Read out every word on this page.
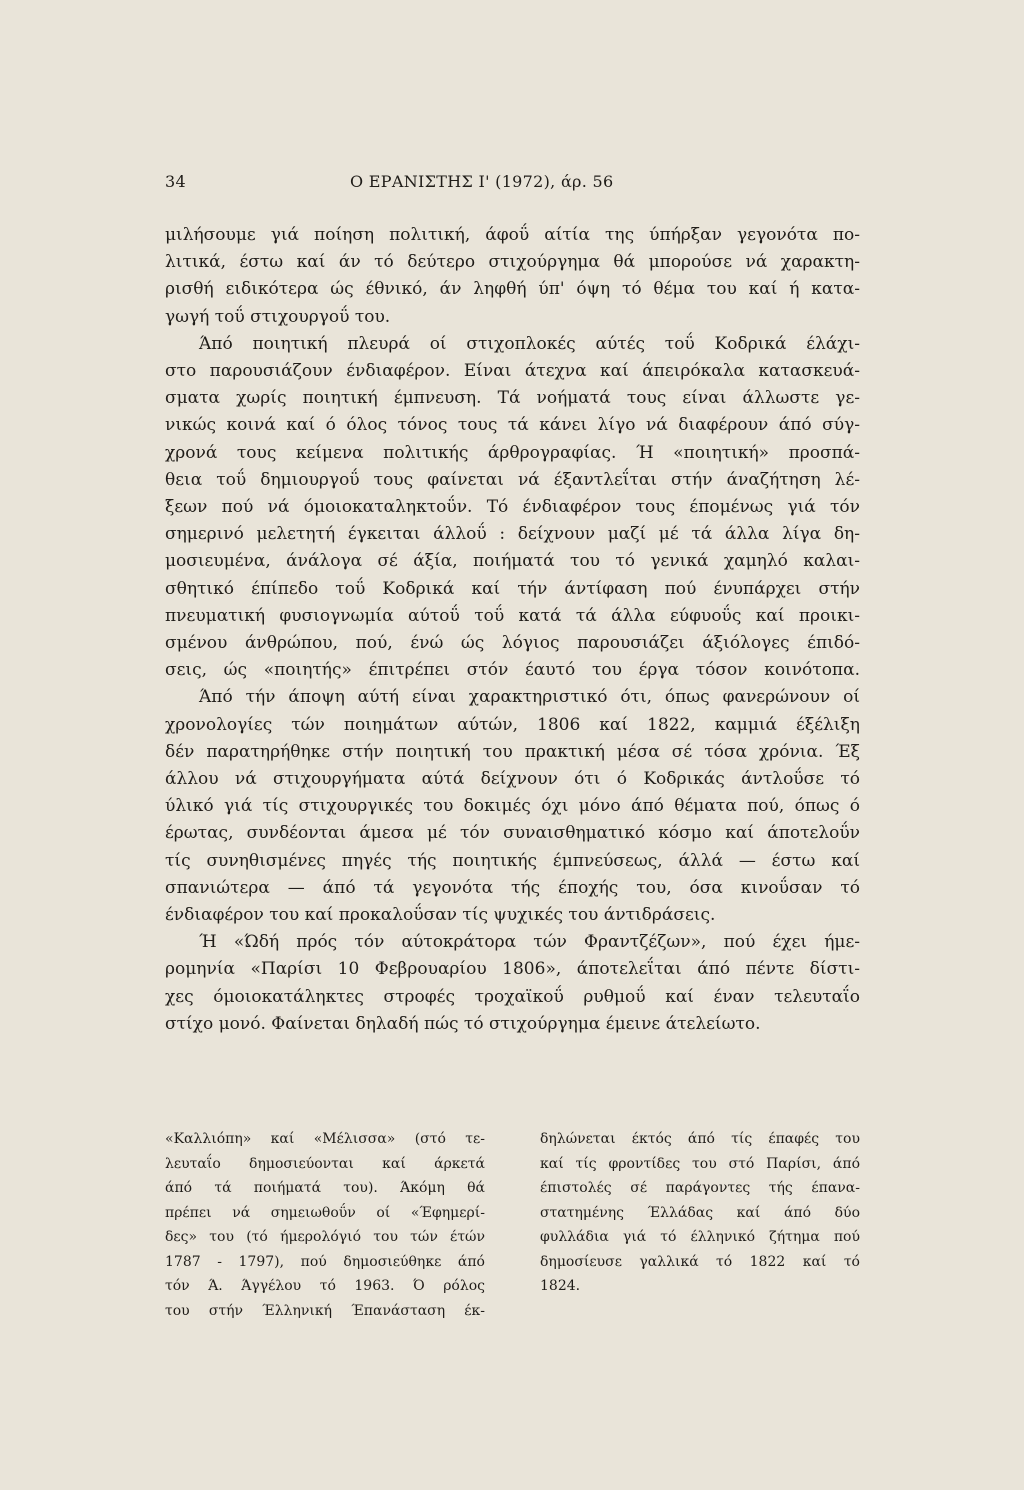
34	Ο ΕΡΑΝΙΣΤΗΣ Ι' (1972), άρ. 56
μιλήσουμε γιά ποίηση πολιτική, άφοΰ αίτία της ύπήρξαν γεγονότα πο-
λιτικά, έστω καί άν τό δεύτερο στιχούργημα θά μπορούσε νά χαρακτη-
ρισθή ειδικότερα ώς έθνικό, άν ληφθή ύπ' όψη τό θέμα του καί ή κατα-
γωγή τοΰ στιχουργοΰ του.
Άπό ποιητική πλευρά οί στιχοπλοκές αύτές τοΰ Κοδρικά έλάχι-
στο παρουσιάζουν ένδιαφέρον. Είναι άτεχνα καί άπειρόκαλα κατασκευά-
σματα χωρίς ποιητική έμπνευση. Τά νοήματά τους είναι άλλωστε γε-
νικώς κοινά καί ό όλος τόνος τους τά κάνει λίγο νά διαφέρουν άπό σύγ-
χρονά τους κείμενα πολιτικής άρθρογραφίας. Ή «ποιητική» προσπά-
θεια τοΰ δημιουργοΰ τους φαίνεται νά έξαντλεΐται στήν άναζήτηση λέ-
ξεων πού νά όμοιοκαταληκτοΰν. Τό ένδιαφέρον τους έπομένως γιά τόν
σημερινό μελετητή έγκειται άλλοΰ : δείχνουν μαζί μέ τά άλλα λίγα δη-
μοσιευμένα, άνάλογα σέ άξία, ποιήματά του τό γενικά χαμηλό καλαι-
σθητικό έπίπεδο τοΰ Κοδρικά καί τήν άντίφαση πού ένυπάρχει στήν
πνευματική φυσιογνωμία αύτοΰ τοΰ κατά τά άλλα εύφυοΰς καί προικι-
σμένου άνθρώπου, πού, ένώ ώς λόγιος παρουσιάζει άξιόλογες έπιδό-
σεις, ώς «ποιητής» έπιτρέπει στόν έαυτό του έργα τόσον κοινότοπα.
Άπό τήν άποψη αύτή είναι χαρακτηριστικό ότι, όπως φανερώνουν οί
χρονολογίες τών ποιημάτων αύτών, 1806 καί 1822, καμμιά έξέλιξη
δέν παρατηρήθηκε στήν ποιητική του πρακτική μέσα σέ τόσα χρόνια. Έξ
άλλου νά στιχουργήματα αύτά δείχνουν ότι ό Κοδρικάς άντλοΰσε τό
ύλικό γιά τίς στιχουργικές του δοκιμές όχι μόνο άπό θέματα πού, όπως ό
έρωτας, συνδέονται άμεσα μέ τόν συναισθηματικό κόσμο καί άποτελοΰν
τίς συνηθισμένες πηγές τής ποιητικής έμπνεύσεως, άλλά — έστω καί
σπανιώτερα — άπό τά γεγονότα τής έποχής του, όσα κινοΰσαν τό
ένδιαφέρον του καί προκαλοΰσαν τίς ψυχικές του άντιδράσεις.
Ή «Ώδή πρός τόν αύτοκράτορα τών Φραντζέζων», πού έχει ήμε-
ρομηνία «Παρίσι 10 Φεβρουαρίου 1806», άποτελεΐται άπό πέντε δίστι-
χες όμοιοκατάληκτες στροφές τροχαϊκοΰ ρυθμοΰ καί έναν τελευταΐο
στίχο μονό. Φαίνεται δηλαδή πώς τό στιχούργημα έμεινε άτελείωτο.
«Καλλιόπη» καί «Μέλισσα» (στό τε-
λευταΐο δημοσιεύονται καί άρκετά
άπό τά ποιήματά του). Άκόμη θά
πρέπει νά σημειωθοΰν οί «Έφημερί-
δες» του (τό ήμερολόγιό του τών έτών
1787 - 1797), πού δημοσιεύθηκε άπό
τόν Ά. Άγγέλου τό 1963. Ό ρόλος
του στήν Έλληνική Έπανάσταση έκ-
δηλώνεται έκτός άπό τίς έπαφές του
καί τίς φροντίδες του στό Παρίσι, άπό
έπιστολές σέ παράγοντες τής έπανα-
στατημένης Έλλάδας καί άπό δύο
φυλλάδια γιά τό έλληνικό ζήτημα πού
δημοσίευσε γαλλικά τό 1822 καί τό
1824.
